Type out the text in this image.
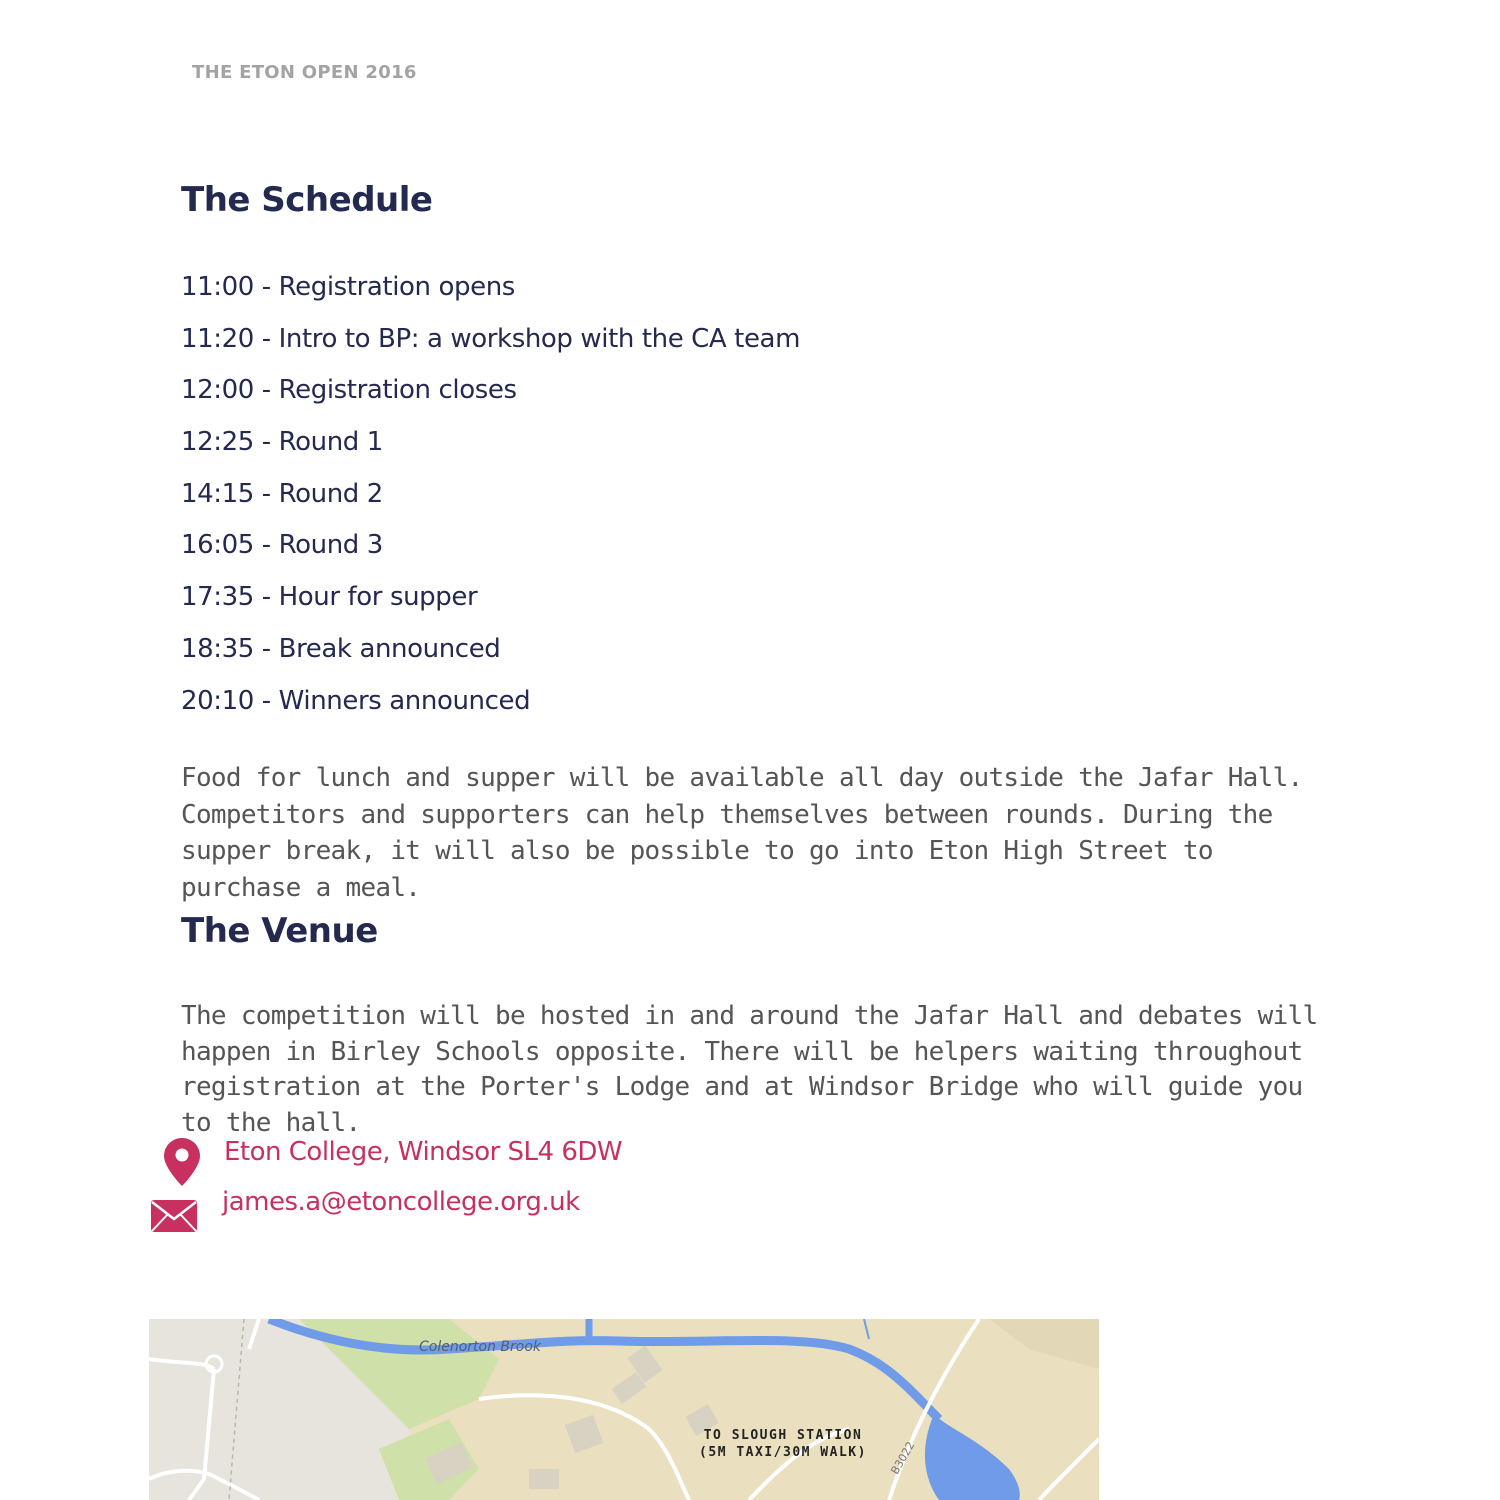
THE ETON OPEN 2016
The Schedule
11:00 - Registration opens
11:20 - Intro to BP: a workshop with the CA team
12:00 - Registration closes
12:25 - Round 1
14:15 - Round 2
16:05 - Round 3
17:35 - Hour for supper
18:35 - Break announced
20:10 - Winners announced

Food for lunch and supper will be available all day outside the Jafar Hall. Competitors and supporters can help themselves between rounds. During the supper break, it will also be possible to go into Eton High Street to purchase a meal.

The Venue

The competition will be hosted in and around the Jafar Hall and debates will happen in Birley Schools opposite. There will be helpers waiting throughout registration at the Porter's Lodge and at Windsor Bridge who will guide you to the hall.

Eton College, Windsor SL4 6DW
james.a@etoncollege.org.uk
Colenorton Brook
TO SLOUGH STATION
(5M TAXI/30M WALK) B3022
